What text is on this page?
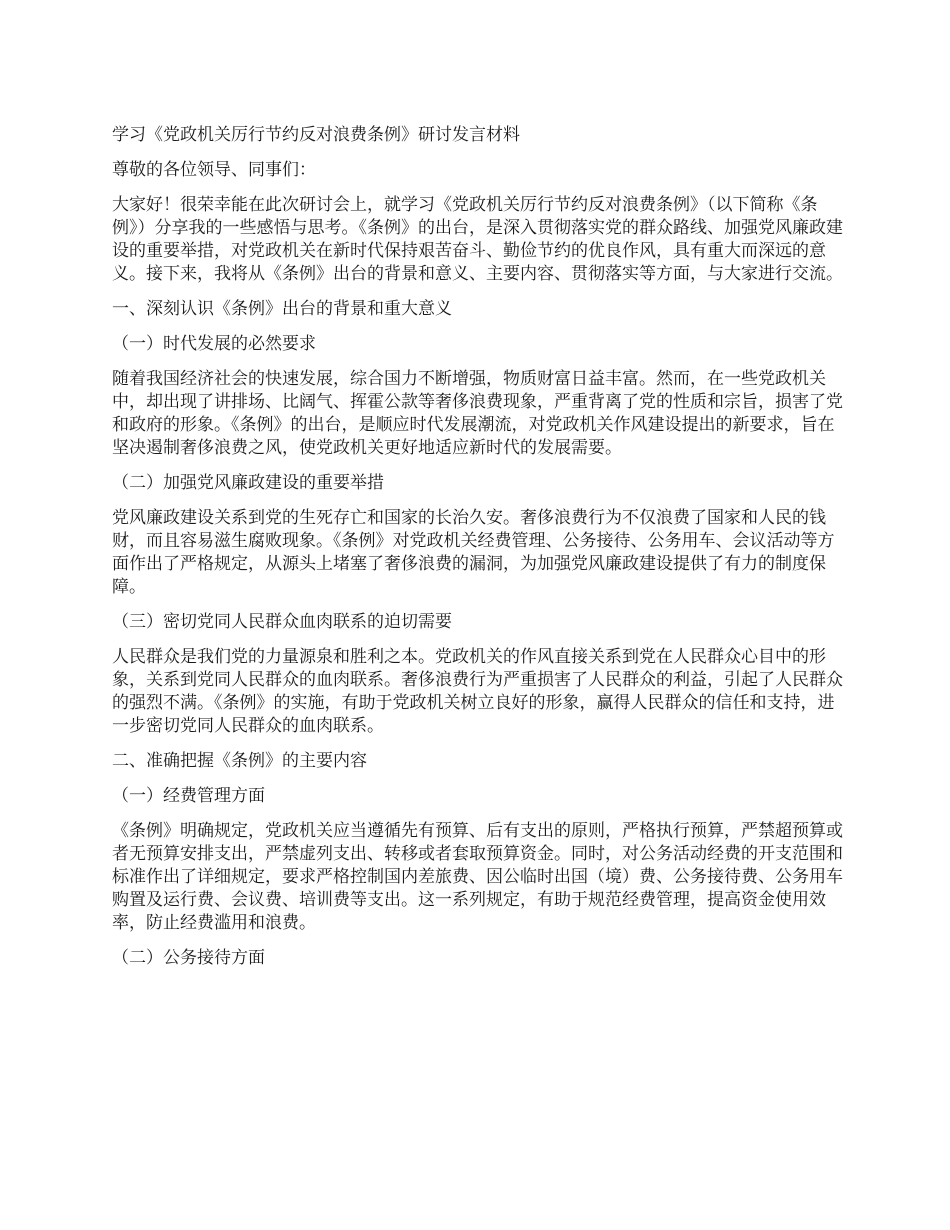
学习《党政机关厉行节约反对浪费条例》研讨发言材料

尊敬的各位领导、同事们：

大家好！很荣幸能在此次研讨会上，就学习《党政机关厉行节约反对浪费条例》（以下简称《条例》）分享我的一些感悟与思考。《条例》的出台，是深入贯彻落实党的群众路线、加强党风廉政建设的重要举措，对党政机关在新时代保持艰苦奋斗、勤俭节约的优良作风，具有重大而深远的意义。接下来，我将从《条例》出台的背景和意义、主要内容、贯彻落实等方面，与大家进行交流。

一、深刻认识《条例》出台的背景和重大意义

（一）时代发展的必然要求

随着我国经济社会的快速发展，综合国力不断增强，物质财富日益丰富。然而，在一些党政机关中，却出现了讲排场、比阔气、挥霍公款等奢侈浪费现象，严重背离了党的性质和宗旨，损害了党和政府的形象。《条例》的出台，是顺应时代发展潮流，对党政机关作风建设提出的新要求，旨在坚决遏制奢侈浪费之风，使党政机关更好地适应新时代的发展需要。

（二）加强党风廉政建设的重要举措

党风廉政建设关系到党的生死存亡和国家的长治久安。奢侈浪费行为不仅浪费了国家和人民的钱财，而且容易滋生腐败现象。《条例》对党政机关经费管理、公务接待、公务用车、会议活动等方面作出了严格规定，从源头上堵塞了奢侈浪费的漏洞，为加强党风廉政建设提供了有力的制度保障。

（三）密切党同人民群众血肉联系的迫切需要

人民群众是我们党的力量源泉和胜利之本。党政机关的作风直接关系到党在人民群众心目中的形象，关系到党同人民群众的血肉联系。奢侈浪费行为严重损害了人民群众的利益，引起了人民群众的强烈不满。《条例》的实施，有助于党政机关树立良好的形象，赢得人民群众的信任和支持，进一步密切党同人民群众的血肉联系。

二、准确把握《条例》的主要内容

（一）经费管理方面

《条例》明确规定，党政机关应当遵循先有预算、后有支出的原则，严格执行预算，严禁超预算或者无预算安排支出，严禁虚列支出、转移或者套取预算资金。同时，对公务活动经费的开支范围和标准作出了详细规定，要求严格控制国内差旅费、因公临时出国（境）费、公务接待费、公务用车购置及运行费、会议费、培训费等支出。这一系列规定，有助于规范经费管理，提高资金使用效率，防止经费滥用和浪费。

（二）公务接待方面
